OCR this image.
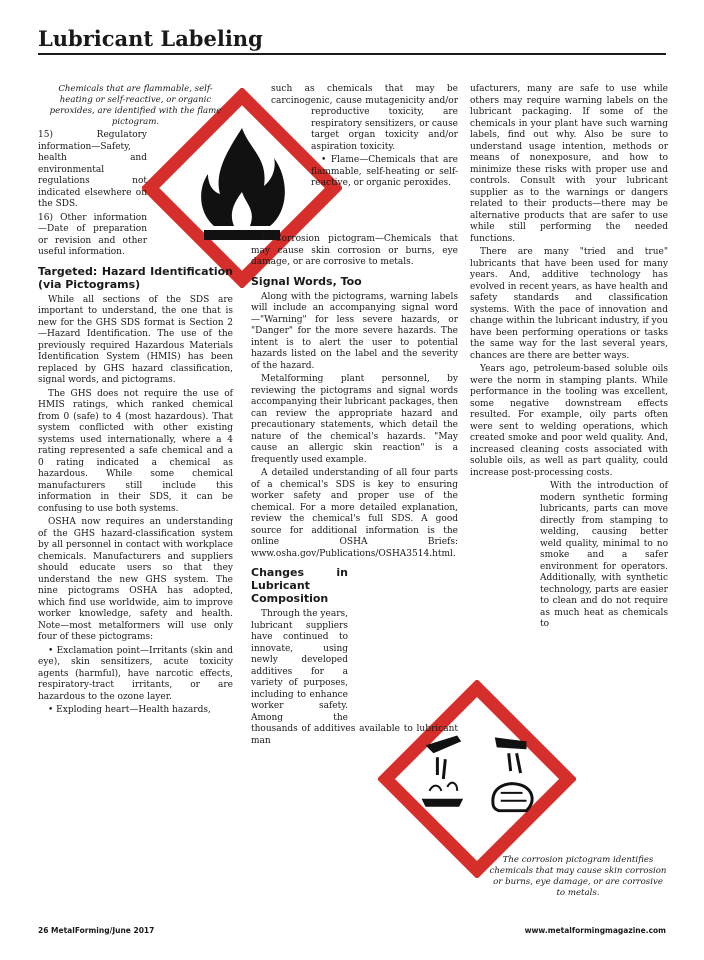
Lubricant Labeling

Chemicals that are flammable, self-heating or self-reactive, or organic peroxides, are identified with the flame pictogram.

15) Regulatory information—Safety, health and environmental regulations not indicated elsewhere on the SDS.

16) Other information—Date of preparation or revision and other useful information.

Targeted: Hazard Identification (via Pictograms)

While all sections of the SDS are important to understand, the one that is new for the GHS SDS format is Section 2—Hazard Identification. The use of the previously required Hazardous Materials Identification System (HMIS) has been replaced by GHS hazard classification, signal words, and pictograms.

The GHS does not require the use of HMIS ratings, which ranked chemical from 0 (safe) to 4 (most hazardous). That system conflicted with other existing systems used internationally, where a 4 rating represented a safe chemical and a 0 rating indicated a chemical as hazardous. While some chemical manufacturers still include this information in their SDS, it can be confusing to use both systems.

OSHA now requires an understanding of the GHS hazard-classification system by all personnel in contact with workplace chemicals. Manufacturers and suppliers should educate users so that they understand the new GHS system. The nine pictograms OSHA has adopted, which find use worldwide, aim to improve worker knowledge, safety and health. Note—most metalformers will use only four of these pictograms:

• Exclamation point—Irritants (skin and eye), skin sensitizers, acute toxicity agents (harmful), have narcotic effects, respiratory-tract irritants, or are hazardous to the ozone layer.

• Exploding heart—Health hazards,

such as chemicals that may be carcinogenic, cause mutagenicity and/or reproductive toxicity, are respiratory sensitizers, or cause target organ toxicity and/or aspiration toxicity.

• Flame—Chemicals that are flammable, self-heating or self-reactive, or organic peroxides.

• Corrosion pictogram—Chemicals that may cause skin corrosion or burns, eye damage, or are corrosive to metals.

Signal Words, Too

Along with the pictograms, warning labels will include an accompanying signal word—"Warning" for less severe hazards, or "Danger" for the more severe hazards. The intent is to alert the user to potential hazards listed on the label and the severity of the hazard.

Metalforming plant personnel, by reviewing the pictograms and signal words accompanying their lubricant packages, then can review the appropriate hazard and precautionary statements, which detail the nature of the chemical's hazards. "May cause an allergic skin reaction" is a frequently used example.

A detailed understanding of all four parts of a chemical's SDS is key to ensuring worker safety and proper use of the chemical. For a more detailed explanation, review the chemical's full SDS. A good source for additional information is the online OSHA Briefs: www.osha.gov/Publications/OSHA3514.html.

Changes in Lubricant Composition

Through the years, lubricant suppliers have continued to innovate, using newly developed additives for a variety of purposes, including to enhance worker safety. Among the thousands of additives available to lubricant man

ufacturers, many are safe to use while others may require warning labels on the lubricant packaging. If some of the chemicals in your plant have such warning labels, find out why. Also be sure to understand usage intention, methods or means of nonexposure, and how to minimize these risks with proper use and controls. Consult with your lubricant supplier as to the warnings or dangers related to their products—there may be alternative products that are safer to use while still performing the needed functions.

There are many "tried and true" lubricants that have been used for many years. And, additive technology has evolved in recent years, as have health and safety standards and classification systems. With the pace of innovation and change within the lubricant industry, if you have been performing operations or tasks the same way for the last several years, chances are there are better ways.

Years ago, petroleum-based soluble oils were the norm in stamping plants. While performance in the tooling was excellent, some negative downstream effects resulted. For example, oily parts often were sent to welding operations, which created smoke and poor weld quality. And, increased cleaning costs associated with soluble oils, as well as part quality, could increase post-processing costs.

With the introduction of modern synthetic forming lubricants, parts can move directly from stamping to welding, causing better weld quality, minimal to no smoke and a safer environment for operators. Additionally, with synthetic technology, parts are easier to clean and do not require as much heat as chemicals to

The corrosion pictogram identifies chemicals that may cause skin corrosion or burns, eye damage, or are corrosive to metals.

26 MetalForming/June 2017	www.metalformingmagazine.com
